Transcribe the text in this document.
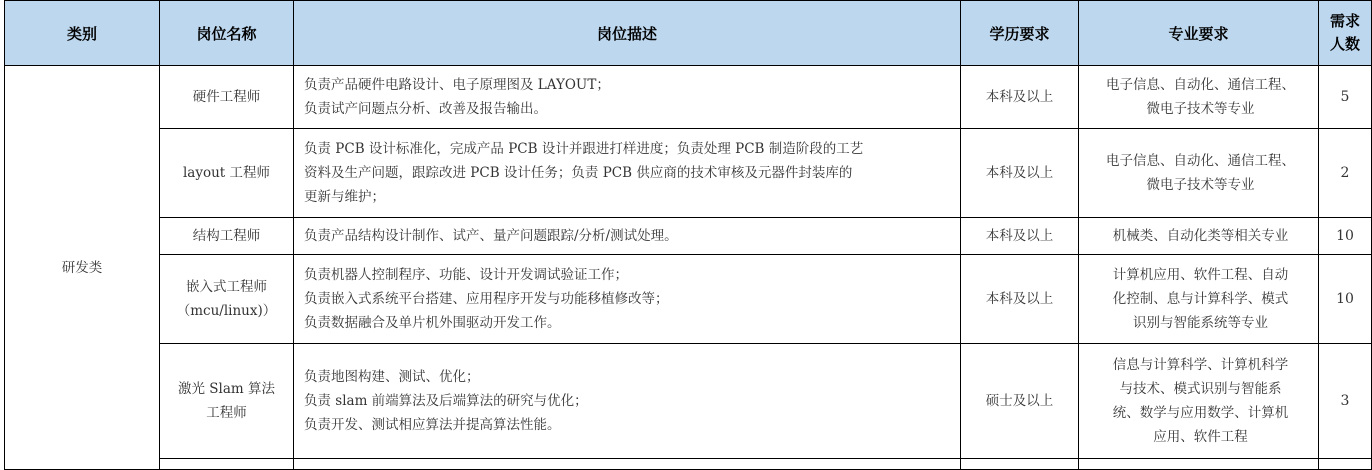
类别	岗位名称	岗位描述	学历要求	专业要求	需求
人数

研发类	硬件工程师	负责产品硬件电路设计、电子原理图及 LAYOUT；
负责试产问题点分析、改善及报告输出。	本科及以上	电子信息、自动化、通信工程、
微电子技术等专业	5

	layout 工程师	负责 PCB 设计标准化，完成产品 PCB 设计并跟进打样进度；负责处理 PCB 制造阶段的工艺
资料及生产问题，跟踪改进 PCB 设计任务；负责 PCB 供应商的技术审核及元器件封装库的
更新与维护；	本科及以上	电子信息、自动化、通信工程、
微电子技术等专业	2

	结构工程师	负责产品结构设计制作、试产、量产问题跟踪/分析/测试处理。	本科及以上	机械类、自动化类等相关专业	10

	嵌入式工程师
（mcu/linux)）	负责机器人控制程序、功能、设计开发调试验证工作；
负责嵌入式系统平台搭建、应用程序开发与功能移植修改等；
负责数据融合及单片机外围驱动开发工作。	本科及以上	计算机应用、软件工程、自动
化控制、息与计算科学、模式
识别与智能系统等专业	10

	激光 Slam 算法
工程师	负责地图构建、测试、优化；
负责 slam 前端算法及后端算法的研究与优化；
负责开发、测试相应算法并提高算法性能。	硕士及以上	信息与计算科学、计算机科学
与技术、模式识别与智能系
统、数学与应用数学、计算机
应用、软件工程	3
